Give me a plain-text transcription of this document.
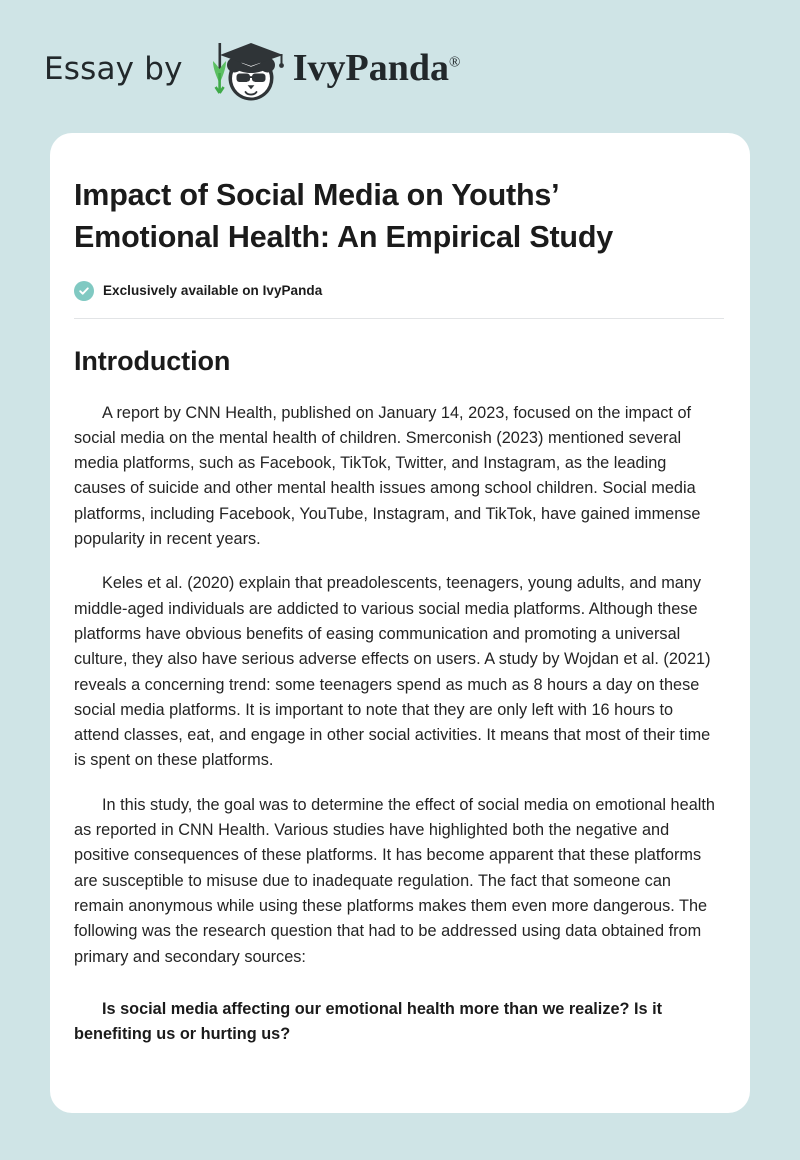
Essay by	IvyPanda®
Impact of Social Media on Youths’ Emotional Health: An Empirical Study
Exclusively available on IvyPanda
Introduction

A report by CNN Health, published on January 14, 2023, focused on the impact of social media on the mental health of children. Smerconish (2023) mentioned several media platforms, such as Facebook, TikTok, Twitter, and Instagram, as the leading causes of suicide and other mental health issues among school children. Social media platforms, including Facebook, YouTube, Instagram, and TikTok, have gained immense popularity in recent years.

Keles et al. (2020) explain that preadolescents, teenagers, young adults, and many middle-aged individuals are addicted to various social media platforms. Although these platforms have obvious benefits of easing communication and promoting a universal culture, they also have serious adverse effects on users. A study by Wojdan et al. (2021) reveals a concerning trend: some teenagers spend as much as 8 hours a day on these social media platforms. It is important to note that they are only left with 16 hours to attend classes, eat, and engage in other social activities. It means that most of their time is spent on these platforms.

In this study, the goal was to determine the effect of social media on emotional health as reported in CNN Health. Various studies have highlighted both the negative and positive consequences of these platforms. It has become apparent that these platforms are susceptible to misuse due to inadequate regulation. The fact that someone can remain anonymous while using these platforms makes them even more dangerous. The following was the research question that had to be addressed using data obtained from primary and secondary sources:

Is social media affecting our emotional health more than we realize? Is it benefiting us or hurting us?
